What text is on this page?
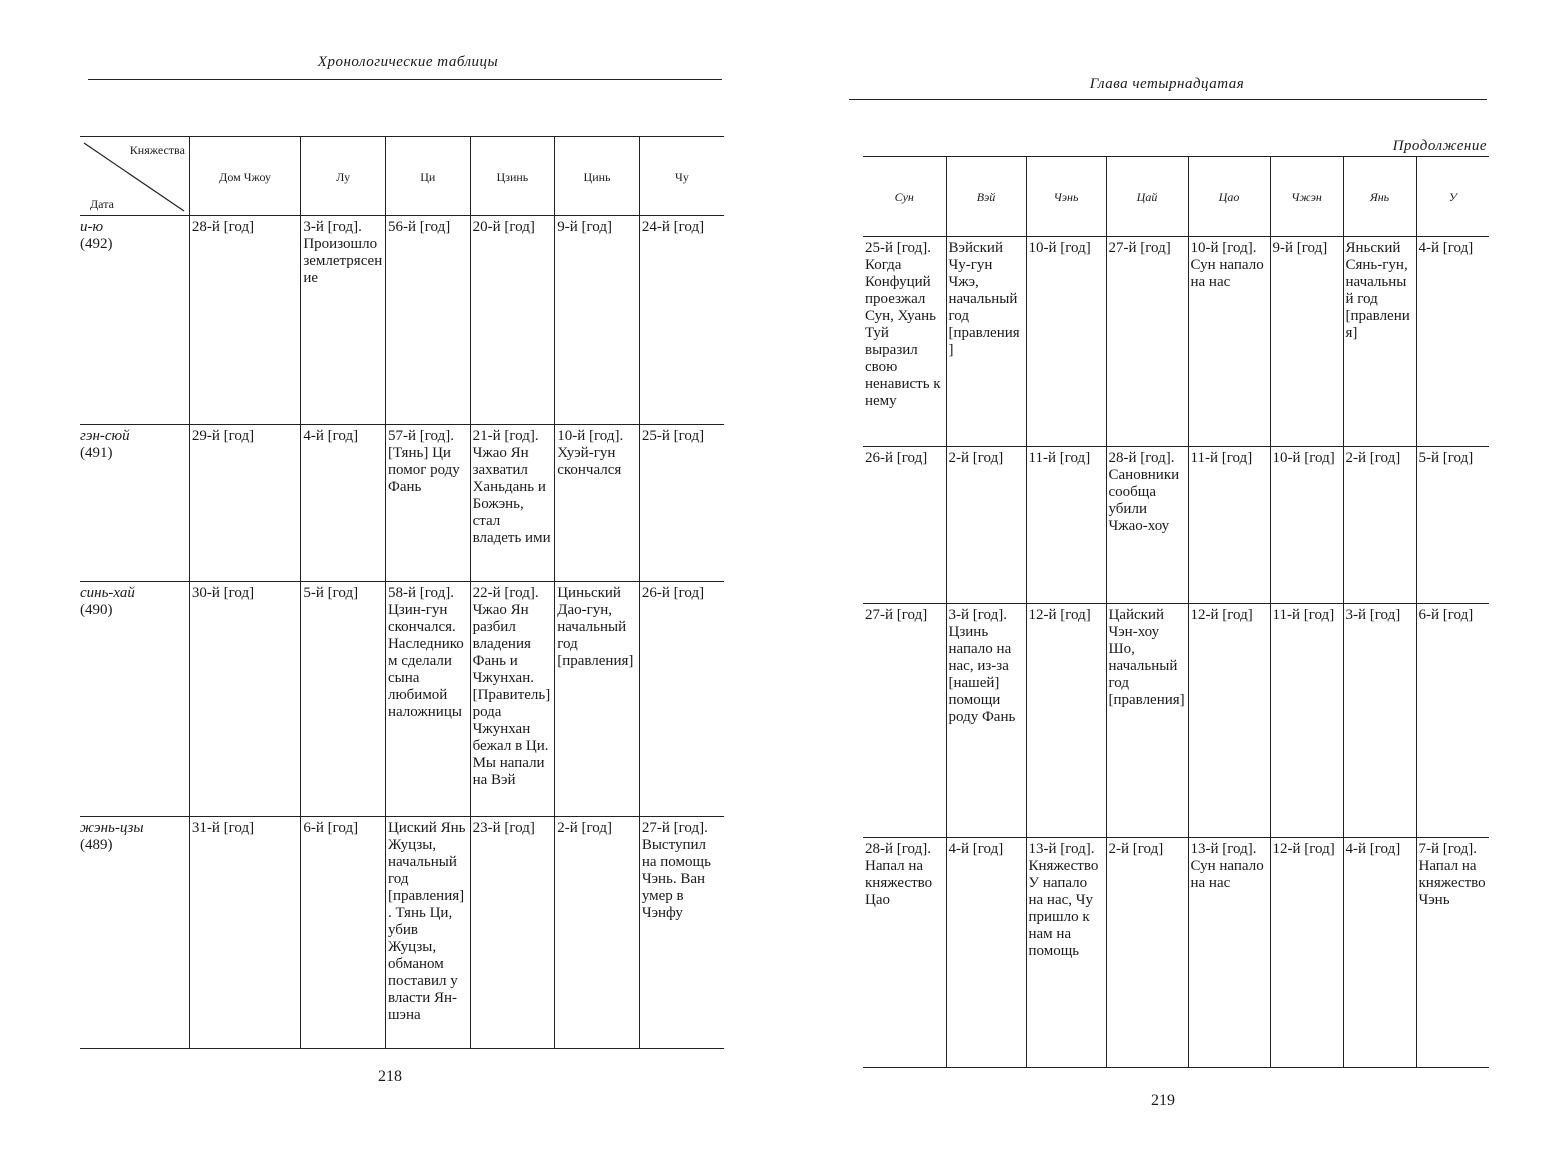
Хронологические таблицы
Княжества
Дата	Дом Чжоу	Лу	Ци	Цзинь	Цинь	Чу

и-ю
(492)	28-й [год]	3-й [год]. Произошло землетрясение	56-й [год]	20-й [год]	9-й [год]	24-й [год]

гэн-сюй
(491)	29-й [год]	4-й [год]	57-й [год]. [Тянь] Ци помог роду Фань	21-й [год]. Чжао Ян захватил Ханьдань и Божэнь, стал владеть ими	10-й [год]. Хуэй-гун скончался	25-й [год]

синь-хай
(490)	30-й [год]	5-й [год]	58-й [год]. Цзин-гун скончался. Наследником сделали сына любимой наложницы	22-й [год]. Чжао Ян разбил владения Фань и Чжунхан. [Правитель] рода Чжунхан бежал в Ци. Мы напали на Вэй	Циньский Дао-гун, начальный год [правления]	26-й [год]

жэнь-цзы
(489)	31-й [год]	6-й [год]	Циский Янь Жуцзы, начальный год [правления]. Тянь Ци, убив Жуцзы, обманом поставил у власти Ян-шэна	23-й [год]	2-й [год]	27-й [год]. Выступил на помощь Чэнь. Ван умер в Чэнфу
218
Глава четырнадцатая
Продолжение
Сун	Вэй	Чэнь	Цай	Цао	Чжэн	Янь	У
25-й [год]. Когда Конфуций проезжал Сун, Хуань Туй выразил свою ненависть к нему	Вэйский Чу-гун Чжэ, начальный год [правления]	10-й [год]	27-й [год]	10-й [год]. Сун напало на нас	9-й [год]	Яньский Сянь-гун, начальный год [правления]	4-й [год]
26-й [год]	2-й [год]	11-й [год]	28-й [год]. Сановники сообща убили Чжао-хоу	11-й [год]	10-й [год]	2-й [год]	5-й [год]
27-й [год]	3-й [год]. Цзинь напало на нас, из-за [нашей] помощи роду Фань	12-й [год]	Цайский Чэн-хоу Шо, начальный год [правления]	12-й [год]	11-й [год]	3-й [год]	6-й [год]
28-й [год]. Напал на княжество Цао	4-й [год]	13-й [год]. Княжество У напало на нас, Чу пришло к нам на помощь	2-й [год]	13-й [год]. Сун напало на нас	12-й [год]	4-й [год]	7-й [год]. Напал на княжество Чэнь
219
